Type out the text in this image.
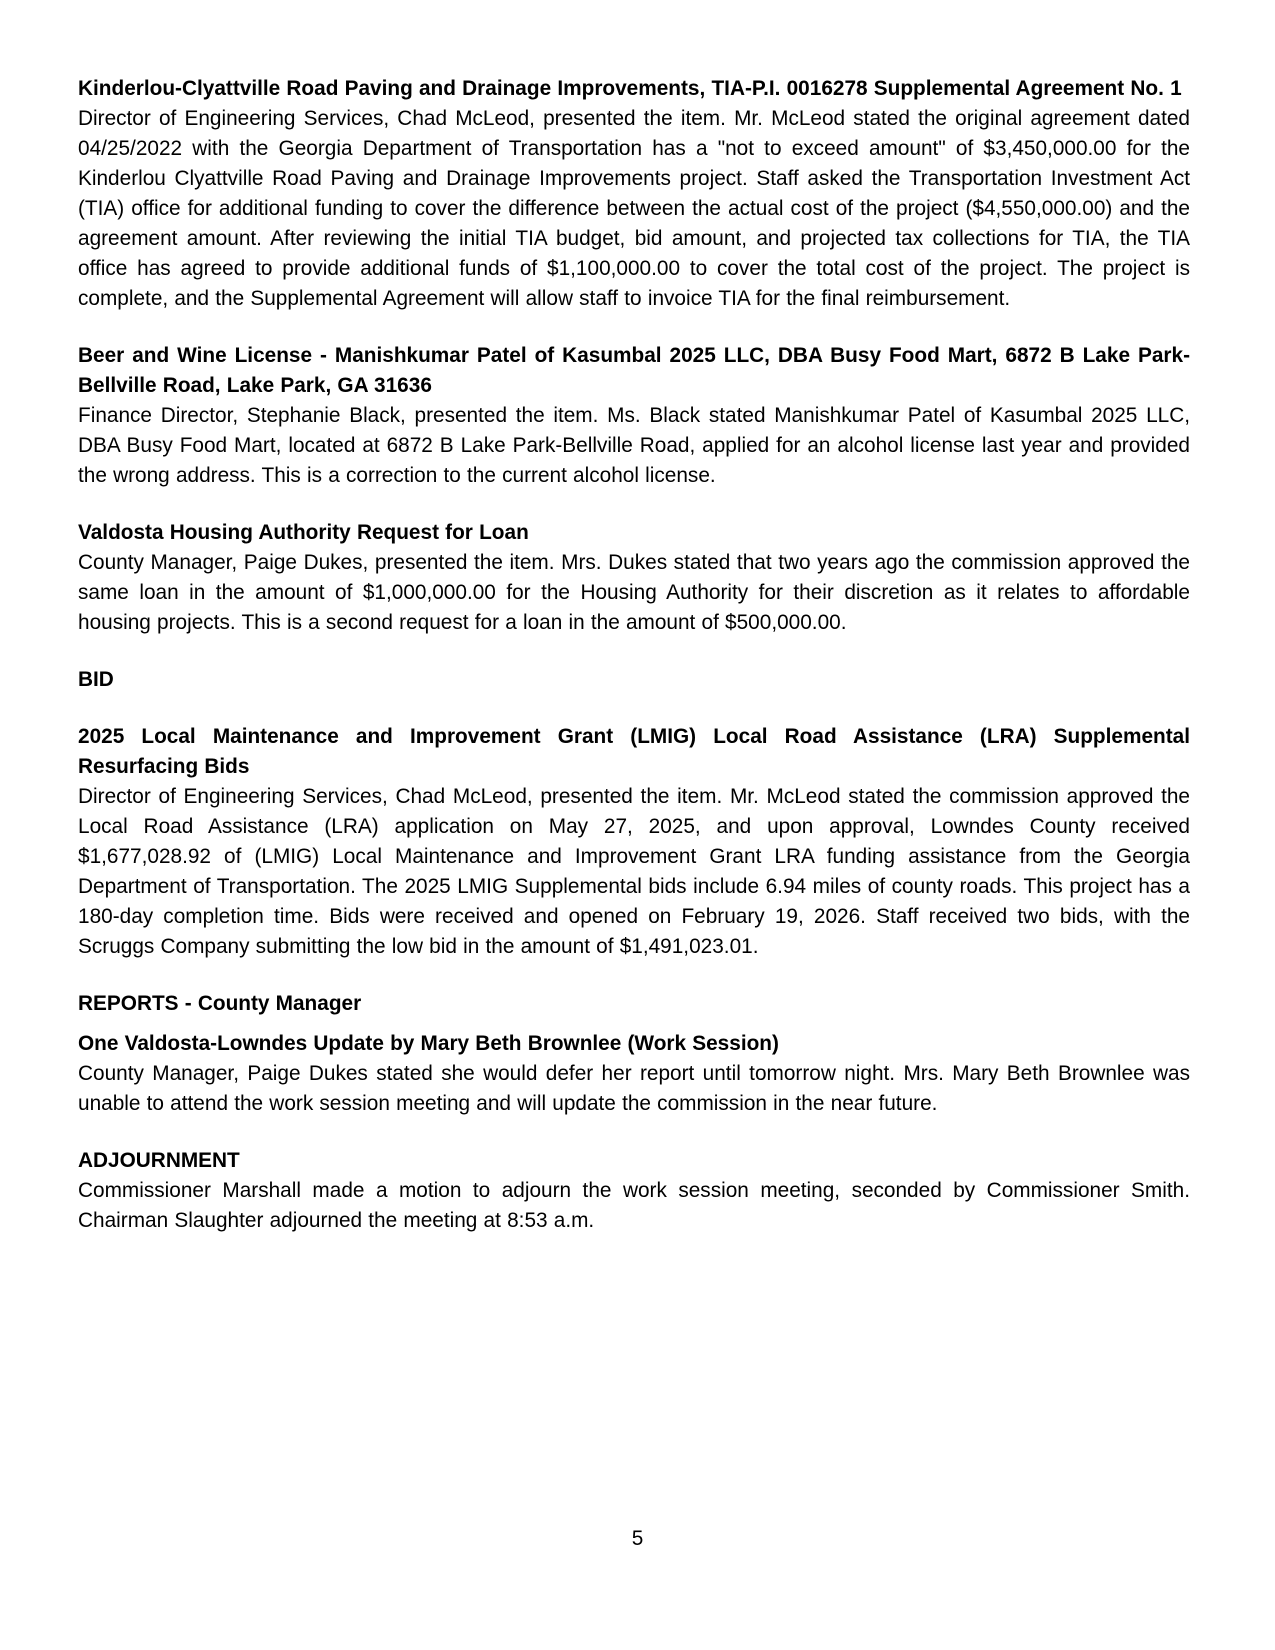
Kinderlou-Clyattville Road Paving and Drainage Improvements, TIA-P.I. 0016278 Supplemental Agreement No. 1
Director of Engineering Services, Chad McLeod, presented the item. Mr. McLeod stated the original agreement dated 04/25/2022 with the Georgia Department of Transportation has a "not to exceed amount" of $3,450,000.00 for the Kinderlou Clyattville Road Paving and Drainage Improvements project. Staff asked the Transportation Investment Act (TIA) office for additional funding to cover the difference between the actual cost of the project ($4,550,000.00) and the agreement amount. After reviewing the initial TIA budget, bid amount, and projected tax collections for TIA, the TIA office has agreed to provide additional funds of $1,100,000.00 to cover the total cost of the project. The project is complete, and the Supplemental Agreement will allow staff to invoice TIA for the final reimbursement.
Beer and Wine License - Manishkumar Patel of Kasumbal 2025 LLC, DBA Busy Food Mart, 6872 B Lake Park-Bellville Road, Lake Park, GA 31636
Finance Director, Stephanie Black, presented the item. Ms. Black stated Manishkumar Patel of Kasumbal 2025 LLC, DBA Busy Food Mart, located at 6872 B Lake Park-Bellville Road, applied for an alcohol license last year and provided the wrong address. This is a correction to the current alcohol license.
Valdosta Housing Authority Request for Loan
County Manager, Paige Dukes, presented the item. Mrs. Dukes stated that two years ago the commission approved the same loan in the amount of $1,000,000.00 for the Housing Authority for their discretion as it relates to affordable housing projects. This is a second request for a loan in the amount of $500,000.00.
BID
2025 Local Maintenance and Improvement Grant (LMIG) Local Road Assistance (LRA) Supplemental Resurfacing Bids
Director of Engineering Services, Chad McLeod, presented the item. Mr. McLeod stated the commission approved the Local Road Assistance (LRA) application on May 27, 2025, and upon approval, Lowndes County received $1,677,028.92 of (LMIG) Local Maintenance and Improvement Grant LRA funding assistance from the Georgia Department of Transportation. The 2025 LMIG Supplemental bids include 6.94 miles of county roads. This project has a 180-day completion time. Bids were received and opened on February 19, 2026. Staff received two bids, with the Scruggs Company submitting the low bid in the amount of $1,491,023.01.
REPORTS - County Manager
One Valdosta-Lowndes Update by Mary Beth Brownlee (Work Session)
County Manager, Paige Dukes stated she would defer her report until tomorrow night. Mrs. Mary Beth Brownlee was unable to attend the work session meeting and will update the commission in the near future.
ADJOURNMENT
Commissioner Marshall made a motion to adjourn the work session meeting, seconded by Commissioner Smith. Chairman Slaughter adjourned the meeting at 8:53 a.m.
5
